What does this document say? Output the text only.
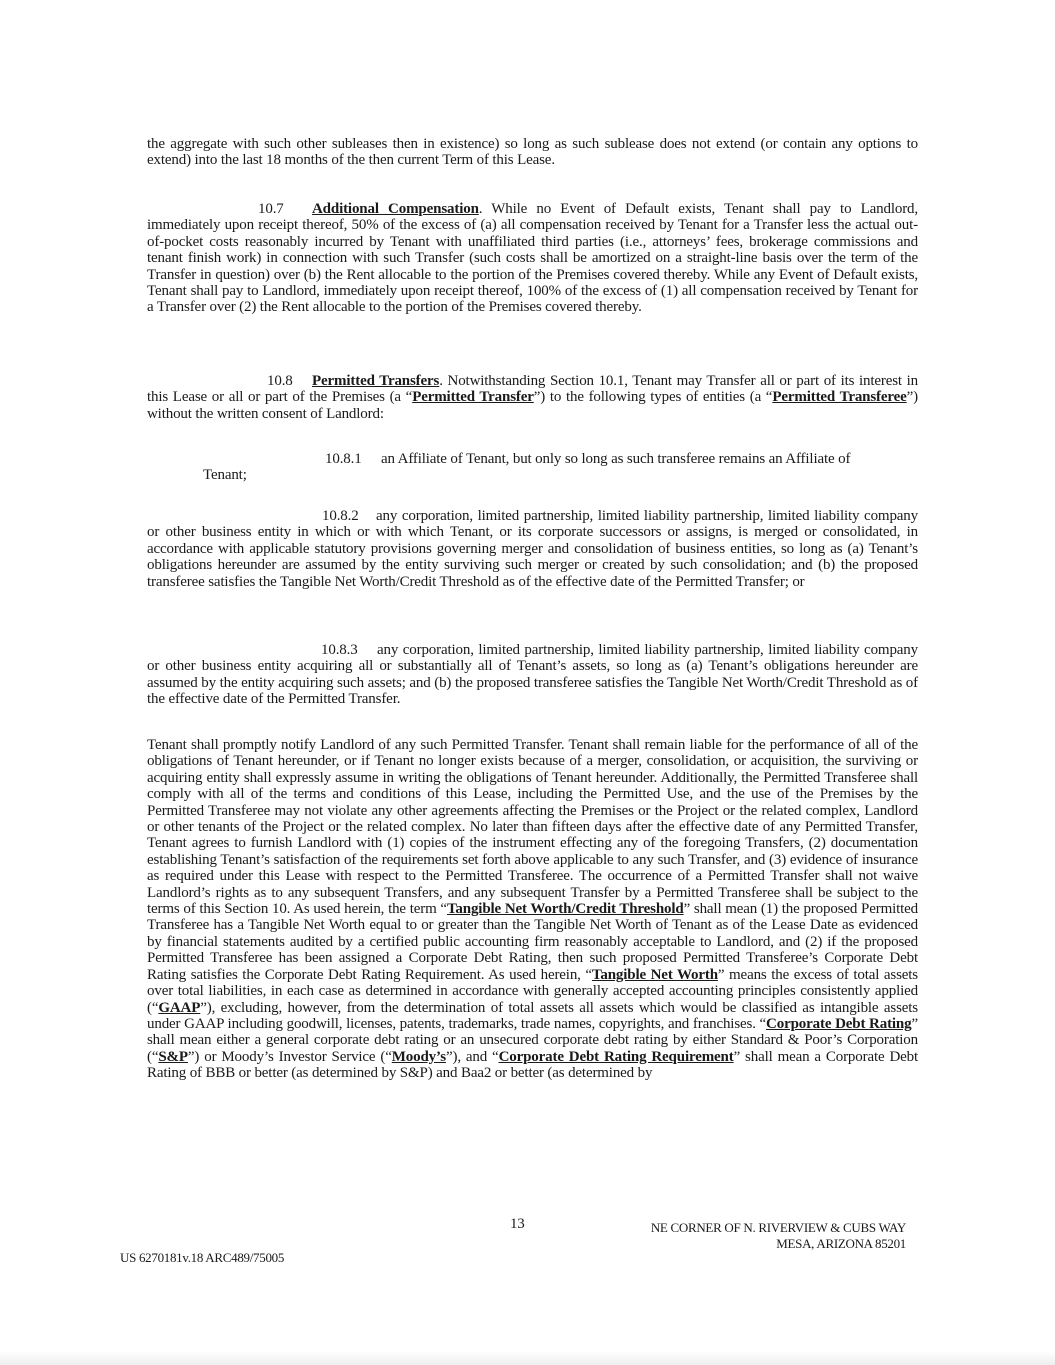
the aggregate with such other subleases then in existence) so long as such sublease does not extend (or contain any options to extend) into the last 18 months of the then current Term of this Lease.

10.7 Additional Compensation. While no Event of Default exists, Tenant shall pay to Landlord, immediately upon receipt thereof, 50% of the excess of (a) all compensation received by Tenant for a Transfer less the actual out-of-pocket costs reasonably incurred by Tenant with unaffiliated third parties (i.e., attorneys’ fees, brokerage commissions and tenant finish work) in connection with such Transfer (such costs shall be amortized on a straight-line basis over the term of the Transfer in question) over (b) the Rent allocable to the portion of the Premises covered thereby. While any Event of Default exists, Tenant shall pay to Landlord, immediately upon receipt thereof, 100% of the excess of (1) all compensation received by Tenant for a Transfer over (2) the Rent allocable to the portion of the Premises covered thereby.

10.8 Permitted Transfers. Notwithstanding Section 10.1, Tenant may Transfer all or part of its interest in this Lease or all or part of the Premises (a “Permitted Transfer”) to the following types of entities (a “Permitted Transferee”) without the written consent of Landlord:

10.8.1 an Affiliate of Tenant, but only so long as such transferee remains an Affiliate of

Tenant;

10.8.2 any corporation, limited partnership, limited liability partnership, limited liability company or other business entity in which or with which Tenant, or its corporate successors or assigns, is merged or consolidated, in accordance with applicable statutory provisions governing merger and consolidation of business entities, so long as (a) Tenant’s obligations hereunder are assumed by the entity surviving such merger or created by such consolidation; and (b) the proposed transferee satisfies the Tangible Net Worth/Credit Threshold as of the effective date of the Permitted Transfer; or

10.8.3 any corporation, limited partnership, limited liability partnership, limited liability company or other business entity acquiring all or substantially all of Tenant’s assets, so long as (a) Tenant’s obligations hereunder are assumed by the entity acquiring such assets; and (b) the proposed transferee satisfies the Tangible Net Worth/Credit Threshold as of the effective date of the Permitted Transfer.

Tenant shall promptly notify Landlord of any such Permitted Transfer. Tenant shall remain liable for the performance of all of the obligations of Tenant hereunder, or if Tenant no longer exists because of a merger, consolidation, or acquisition, the surviving or acquiring entity shall expressly assume in writing the obligations of Tenant hereunder. Additionally, the Permitted Transferee shall comply with all of the terms and conditions of this Lease, including the Permitted Use, and the use of the Premises by the Permitted Transferee may not violate any other agreements affecting the Premises or the Project or the related complex, Landlord or other tenants of the Project or the related complex. No later than fifteen days after the effective date of any Permitted Transfer, Tenant agrees to furnish Landlord with (1) copies of the instrument effecting any of the foregoing Transfers, (2) documentation establishing Tenant’s satisfaction of the requirements set forth above applicable to any such Transfer, and (3) evidence of insurance as required under this Lease with respect to the Permitted Transferee. The occurrence of a Permitted Transfer shall not waive Landlord’s rights as to any subsequent Transfers, and any subsequent Transfer by a Permitted Transferee shall be subject to the terms of this Section 10. As used herein, the term “Tangible Net Worth/Credit Threshold” shall mean (1) the proposed Permitted Transferee has a Tangible Net Worth equal to or greater than the Tangible Net Worth of Tenant as of the Lease Date as evidenced by financial statements audited by a certified public accounting firm reasonably acceptable to Landlord, and (2) if the proposed Permitted Transferee has been assigned a Corporate Debt Rating, then such proposed Permitted Transferee’s Corporate Debt Rating satisfies the Corporate Debt Rating Requirement. As used herein, “Tangible Net Worth” means the excess of total assets over total liabilities, in each case as determined in accordance with generally accepted accounting principles consistently applied (“GAAP”), excluding, however, from the determination of total assets all assets which would be classified as intangible assets under GAAP including goodwill, licenses, patents, trademarks, trade names, copyrights, and franchises. “Corporate Debt Rating” shall mean either a general corporate debt rating or an unsecured corporate debt rating by either Standard & Poor’s Corporation (“S&P”) or Moody’s Investor Service (“Moody’s”), and “Corporate Debt Rating Requirement” shall mean a Corporate Debt Rating of BBB or better (as determined by S&P) and Baa2 or better (as determined by

13	NE CORNER OF N. RIVERVIEW & CUBS WAY
MESA, ARIZONA 85201
US 6270181v.18 ARC489/75005
